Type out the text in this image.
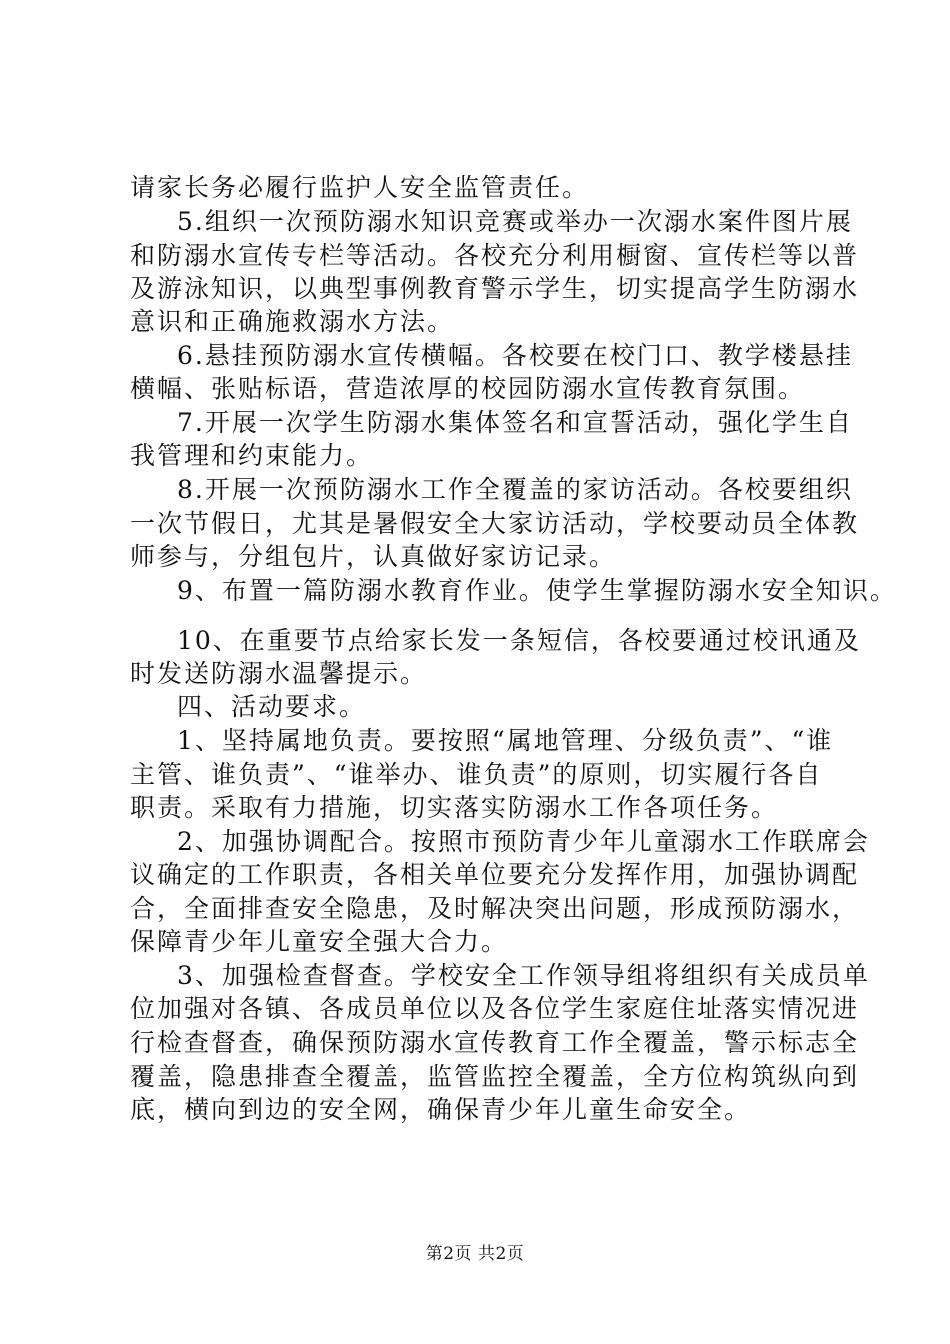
请家长务必履行监护人安全监管责任。
5.组织一次预防溺水知识竞赛或举办一次溺水案件图片展
和防溺水宣传专栏等活动。各校充分利用橱窗、宣传栏等以普
及游泳知识，以典型事例教育警示学生，切实提高学生防溺水
意识和正确施救溺水方法。
6.悬挂预防溺水宣传横幅。各校要在校门口、教学楼悬挂
横幅、张贴标语，营造浓厚的校园防溺水宣传教育氛围。
7.开展一次学生防溺水集体签名和宣誓活动，强化学生自
我管理和约束能力。
8.开展一次预防溺水工作全覆盖的家访活动。各校要组织
一次节假日，尤其是暑假安全大家访活动，学校要动员全体教
师参与，分组包片，认真做好家访记录。
9、布置一篇防溺水教育作业。使学生掌握防溺水安全知识。
10、在重要节点给家长发一条短信，各校要通过校讯通及
时发送防溺水温馨提示。
四、活动要求。
1、坚持属地负责。要按照“属地管理、分级负责”、“谁
主管、谁负责”、“谁举办、谁负责”的原则，切实履行各自
职责。采取有力措施，切实落实防溺水工作各项任务。
2、加强协调配合。按照市预防青少年儿童溺水工作联席会
议确定的工作职责，各相关单位要充分发挥作用，加强协调配
合，全面排查安全隐患，及时解决突出问题，形成预防溺水，
保障青少年儿童安全强大合力。
3、加强检查督查。学校安全工作领导组将组织有关成员单
位加强对各镇、各成员单位以及各位学生家庭住址落实情况进
行检查督查，确保预防溺水宣传教育工作全覆盖，警示标志全
覆盖，隐患排查全覆盖，监管监控全覆盖，全方位构筑纵向到
底，横向到边的安全网，确保青少年儿童生命安全。
第2页 共2页
